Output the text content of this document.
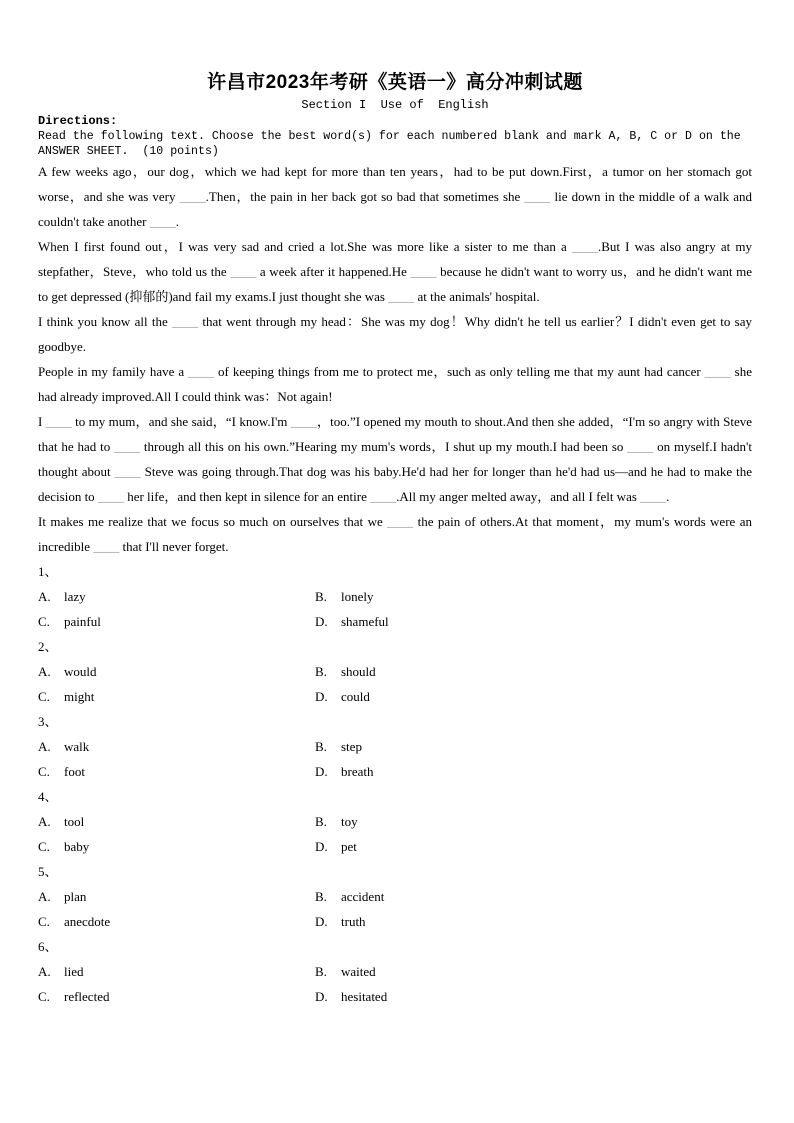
许昌市2023年考研《英语一》高分冲刺试题
Section I  Use of  English
Directions:
Read the following text. Choose the best word(s) for each numbered blank and mark A, B, C or D on the ANSWER SHEET.  (10 points)

A few weeks ago，our dog，which we had kept for more than ten years，had to be put down.First，a tumor on her stomach got worse，and she was very ____.Then，the pain in her back got so bad that sometimes she ____ lie down in the middle of a walk and couldn't take another ____.

When I first found out，I was very sad and cried a lot.She was more like a sister to me than a ____.But I was also angry at my stepfather，Steve，who told us the ____ a week after it happened.He ____ because he didn't want to worry us，and he didn't want me to get depressed (抑郁的)and fail my exams.I just thought she was ____ at the animals' hospital.

I think you know all the ____ that went through my head：She was my dog！Why didn't he tell us earlier？I didn't even get to say goodbye.

People in my family have a ____ of keeping things from me to protect me，such as only telling me that my aunt had cancer ____ she had already improved.All I could think was：Not again!

I ____ to my mum，and she said，“I know.I'm ____，too.”I opened my mouth to shout.And then she added，“I'm so angry with Steve that he had to ____ through all this on his own.”Hearing my mum's words，I shut up my mouth.I had been so ____ on myself.I hadn't thought about ____ Steve was going through.That dog was his baby.He'd had her for longer than he'd had us—and he had to make the decision to ____ her life，and then kept in silence for an entire ____.All my anger melted away，and all I felt was ____.

It makes me realize that we focus so much on ourselves that we ____ the pain of others.At that moment，my mum's words were an incredible ____ that I'll never forget.

1、
A. lazy	B. lonely
C. painful	D. shameful
2、
A. would	B. should
C. might	D. could
3、
A. walk	B. step
C. foot	D. breath
4、
A. tool	B. toy
C. baby	D. pet
5、
A. plan	B. accident
C. anecdote	D. truth
6、
A. lied	B. waited
C. reflected	D. hesitated
